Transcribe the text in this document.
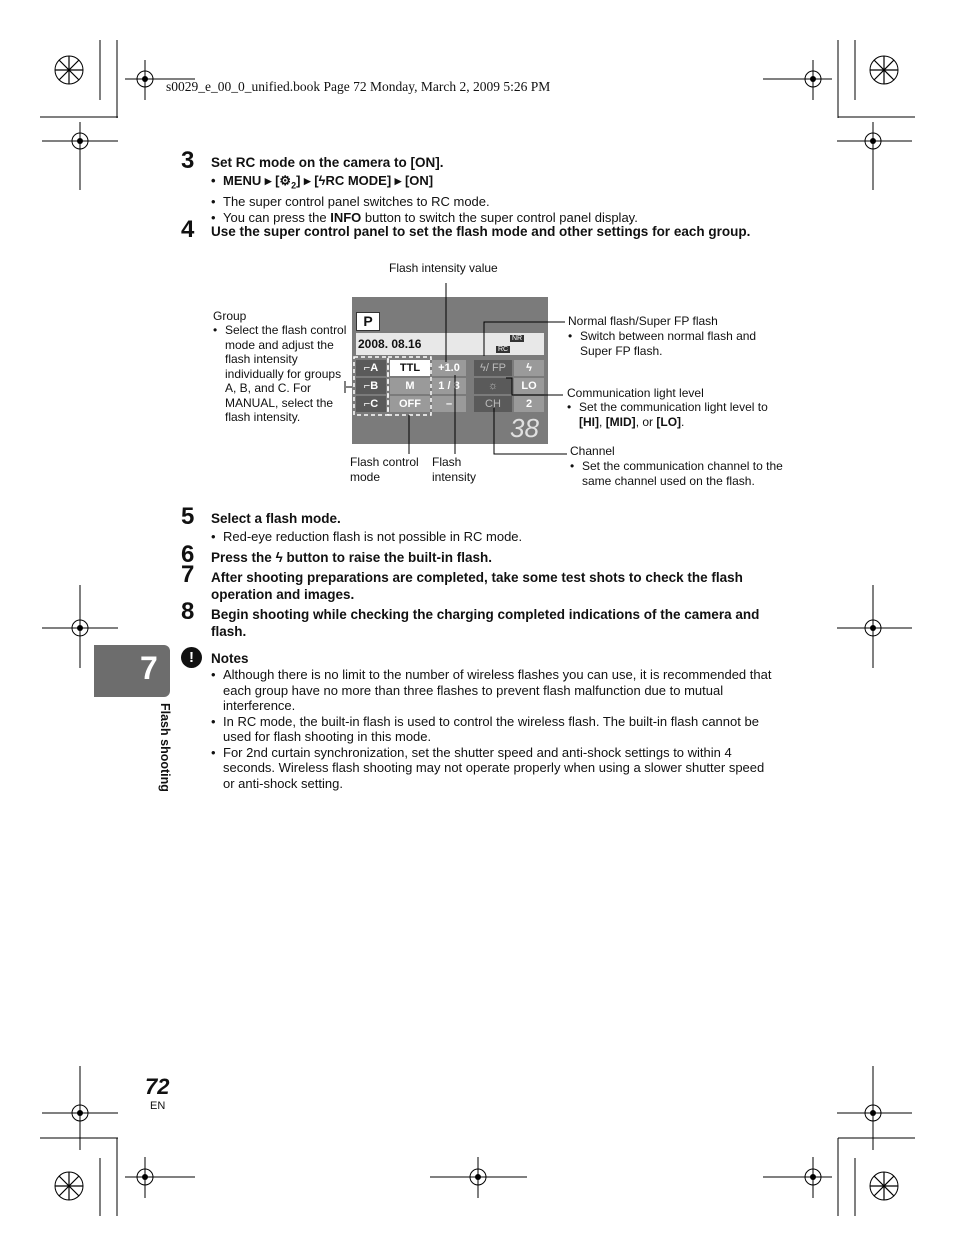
s0029_e_00_0_unified.book Page 72 Monday, March 2, 2009 5:26 PM
3 Set RC mode on the camera to [ON].
• MENU ▸ $[⚙_2]$ ▸ [ϟRC MODE] ▸ [ON]
• The super control panel switches to RC mode.
• You can press the INFO button to switch the super control panel display.
4 Use the super control panel to set the flash mode and other settings for each group.
Flash intensity value
Group
• Select the flash control mode and adjust the flash intensity individually for groups A, B, and C. For MANUAL, select the flash intensity.
Normal flash/Super FP flash
• Switch between normal flash and Super FP flash.
Communication light level
• Set the communication light level to [HI], [MID], or [LO].
Channel
• Set the communication channel to the same channel used on the flash.
Flash control mode
Flash intensity
P
2008. 08.16	NR
RC
⌐A	TTL	+1.0	ϟ/ FP	ϟ
⌐B	M	1 / 8	☼	LO
⌐C	OFF	–	CH	2
38
5 Select a flash mode.
• Red-eye reduction flash is not possible in RC mode.
6 Press the ϟ button to raise the built-in flash.
7 After shooting preparations are completed, take some test shots to check the flash operation and images.
8 Begin shooting while checking the charging completed indications of the camera and flash.
!	Notes
• Although there is no limit to the number of wireless flashes you can use, it is recommended that each group have no more than three flashes to prevent flash malfunction due to mutual interference.
• In RC mode, the built-in flash is used to control the wireless flash. The built-in flash cannot be used for flash shooting in this mode.
• For 2nd curtain synchronization, set the shutter speed and anti-shock settings to within 4 seconds. Wireless flash shooting may not operate properly when using a slower shutter speed or anti-shock setting.
7
Flash shooting
72
EN
